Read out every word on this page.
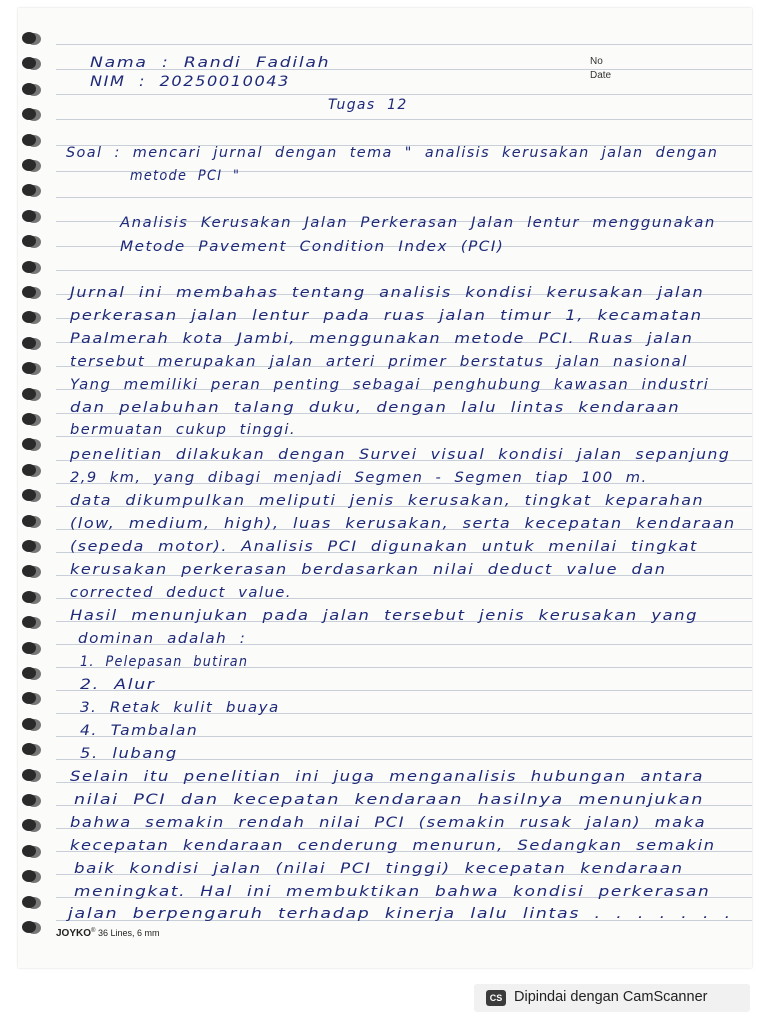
No
Date
Nama : Randi Fadilah
NIM : 20250010043
Tugas 12
Soal : mencari jurnal dengan tema " analisis kerusakan jalan dengan
metode PCI "
Analisis Kerusakan Jalan Perkerasan Jalan lentur menggunakan
Metode Pavement Condition Index (PCI)
Jurnal ini membahas tentang analisis kondisi kerusakan jalan
perkerasan jalan lentur pada ruas jalan timur 1, kecamatan
Paalmerah kota Jambi, menggunakan metode PCI. Ruas jalan
tersebut merupakan jalan arteri primer berstatus jalan nasional
Yang memiliki peran penting sebagai penghubung kawasan industri
dan pelabuhan talang duku, dengan lalu lintas kendaraan
bermuatan cukup tinggi.
penelitian dilakukan dengan Survei visual kondisi jalan sepanjung
2,9 km, yang dibagi menjadi Segmen - Segmen tiap 100 m.
data dikumpulkan meliputi jenis kerusakan, tingkat keparahan
(low, medium, high), luas kerusakan, serta kecepatan kendaraan
(sepeda motor). Analisis PCI digunakan untuk menilai tingkat
kerusakan perkerasan berdasarkan nilai deduct value dan
corrected deduct value.
Hasil menunjukan pada jalan tersebut jenis kerusakan yang
dominan adalah :
1. Pelepasan butiran
2. Alur
3. Retak kulit buaya
4. Tambalan
5. lubang
Selain itu penelitian ini juga menganalisis hubungan antara
nilai PCI dan kecepatan kendaraan hasilnya menunjukan
bahwa semakin rendah nilai PCI (semakin rusak jalan) maka
kecepatan kendaraan cenderung menurun, Sedangkan semakin
baik kondisi jalan (nilai PCI tinggi) kecepatan kendaraan
meningkat. Hal ini membuktikan bahwa kondisi perkerasan
jalan berpengaruh terhadap kinerja lalu lintas . . . . . . .
JOYKO® 36 Lines, 6 mm
CS Dipindai dengan CamScanner
